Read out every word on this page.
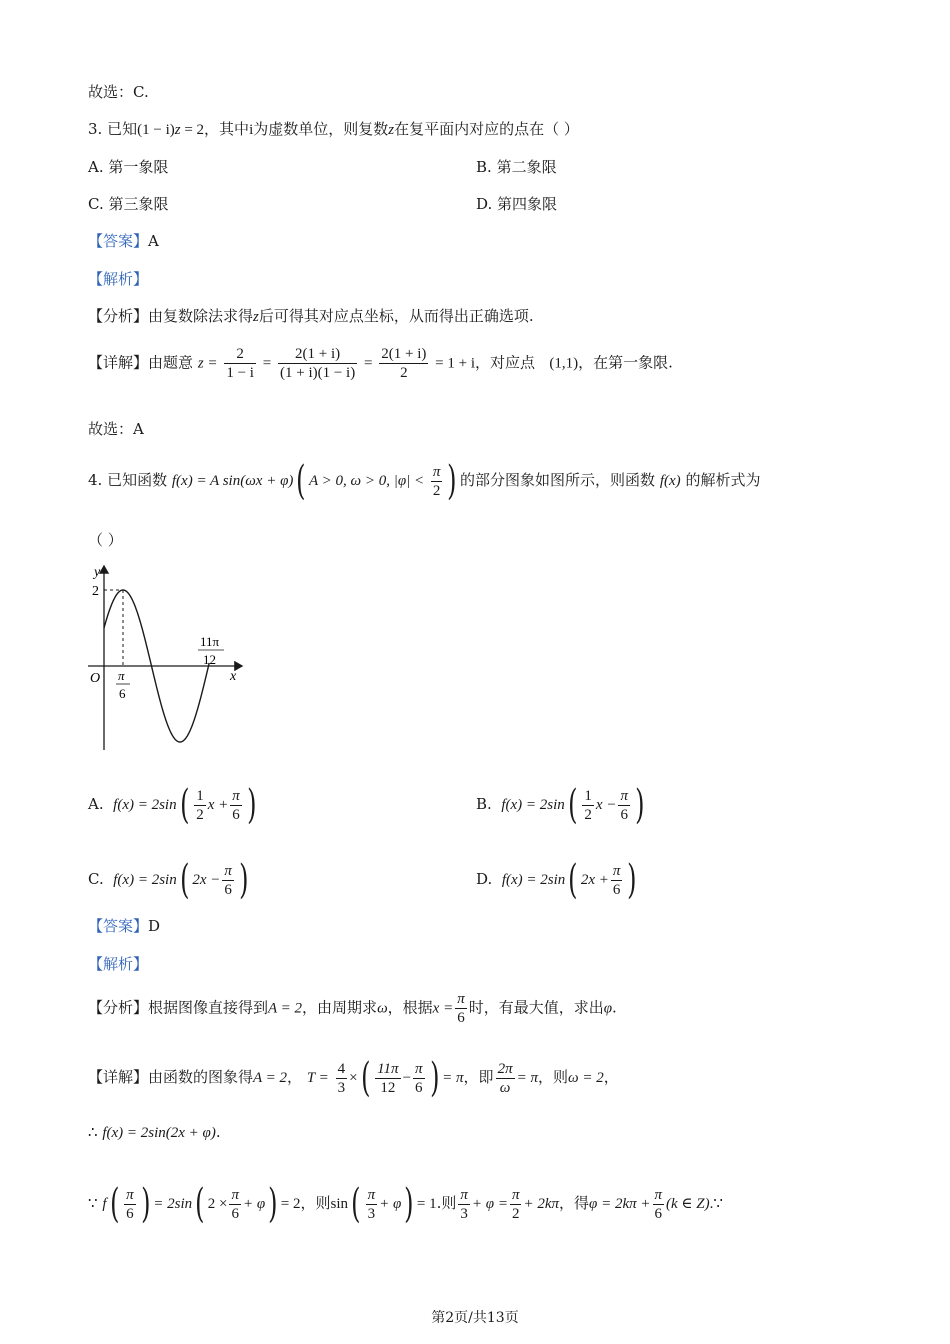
故选：C.
3. 已知(1 − i)z = 2，其中i为虚数单位，则复数z在复平面内对应的点在（ ）
A. 第一象限	B. 第二象限
C. 第三象限	D. 第四象限
【答案】A
【解析】
【分析】由复数除法求得z后可得其对应点坐标，从而得出正确选项.
【详解】由题意 $z = \frac{2}{1 - i} = \frac{2(1 + i)}{(1 + i)(1 - i)} = \frac{2(1 + i)}{2} = 1 + i$，对应点 (1,1)，在第一象限.
故选：A
4. 已知函数 f(x) = A sin(ωx + φ)( A > 0, ω > 0, $|\varphi| < \frac{\pi}{2}$ ) 的部分图象如图所示，则函数 f(x) 的解析式为
（ ）
y
x
O
2
π
6
11π
12
A. $f(x) = 2\sin( \frac{1}{2}$ $x + \frac{\pi}{6}$ )	B. $f(x) = 2\sin( \frac{1}{2}$ $x - \frac{\pi}{6}$ )
C. f(x) = 2sin( $2x - \frac{\pi}{6}$ )	D. f(x) = 2sin( $2x + \frac{\pi}{6}$ )
【答案】D
【解析】
【分析】根据图像直接得到A = 2，由周期求ω，根据$x = \frac{\pi}{6}$ 时，有最大值，求出φ.
【详解】由函数的图象得A = 2， $T = \frac{4}{3}$ ×( $\frac{11\pi}{12} - \frac{\pi}{6}$ ) = π，即 $\frac{2\pi}{\omega} = \pi$，则ω = 2，
∴ f(x) = 2sin(2x + φ).
∵ $f( \frac{\pi}{6}$ ) = 2sin( $2 \times \frac{\pi}{6} + \varphi) = 2$，则$\sin( \frac{\pi}{3} + \varphi) = 1$.则 $\frac{\pi}{3} + \varphi = \frac{\pi}{2} + 2k\pi$，得$\varphi = 2k\pi + \frac{\pi}{6} (k$ ∈ Z).∵
第2页/共13页
